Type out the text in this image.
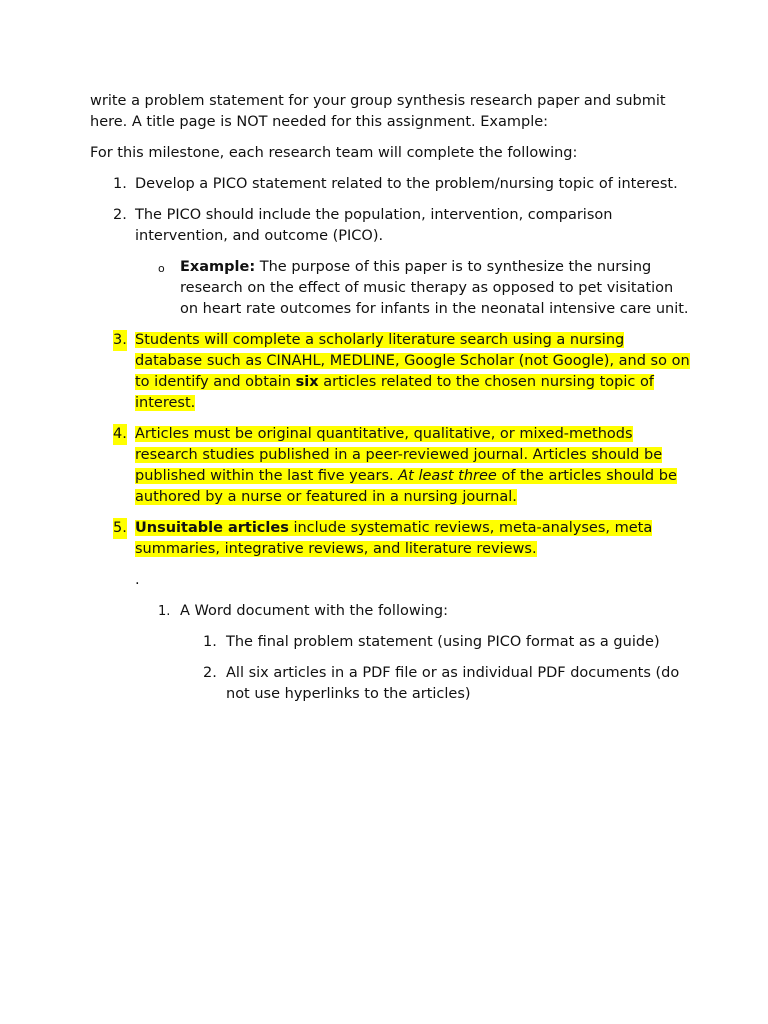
write a problem statement for your group synthesis research paper and submit here. A title page is NOT needed for this assignment. Example:

For this milestone, each research team will complete the following:

1. Develop a PICO statement related to the problem/nursing topic of interest.
2. The PICO should include the population, intervention, comparison intervention, and outcome (PICO).
o Example: The purpose of this paper is to synthesize the nursing research on the effect of music therapy as opposed to pet visitation on heart rate outcomes for infants in the neonatal intensive care unit.
3. Students will complete a scholarly literature search using a nursing database such as CINAHL, MEDLINE, Google Scholar (not Google), and so on to identify and obtain six articles related to the chosen nursing topic of interest.
4. Articles must be original quantitative, qualitative, or mixed-methods research studies published in a peer-reviewed journal. Articles should be published within the last five years. At least three of the articles should be authored by a nurse or featured in a nursing journal.
5. Unsuitable articles include systematic reviews, meta-analyses, meta summaries, integrative reviews, and literature reviews.

.

1. A Word document with the following:
1. The final problem statement (using PICO format as a guide)
2. All six articles in a PDF file or as individual PDF documents (do not use hyperlinks to the articles)
